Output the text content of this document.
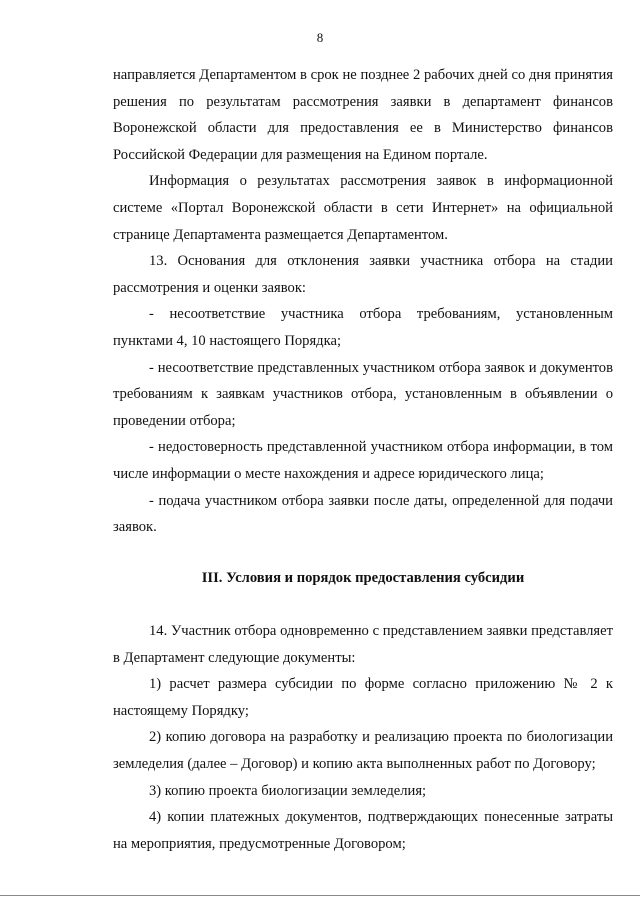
8

направляется Департаментом в срок не позднее 2 рабочих дней со дня принятия решения по результатам рассмотрения заявки в департамент финансов Воронежской области для предоставления ее в Министерство финансов Российской Федерации для размещения на Едином портале.

Информация о результатах рассмотрения заявок в информационной системе «Портал Воронежской области в сети Интернет» на официальной странице Департамента размещается Департаментом.

13. Основания для отклонения заявки участника отбора на стадии рассмотрения и оценки заявок:

- несоответствие участника отбора требованиям, установленным пунктами 4, 10 настоящего Порядка;

- несоответствие представленных участником отбора заявок и документов требованиям к заявкам участников отбора, установленным в объявлении о проведении отбора;

- недостоверность представленной участником отбора информации, в том числе информации о месте нахождения и адресе юридического лица;

- подача участником отбора заявки после даты, определенной для подачи заявок.

III. Условия и порядок предоставления субсидии

14. Участник отбора одновременно с представлением заявки представляет в Департамент следующие документы:

1) расчет размера субсидии по форме согласно приложению № 2 к настоящему Порядку;

2) копию договора на разработку и реализацию проекта по биологизации земледелия (далее – Договор) и копию акта выполненных работ по Договору;

3) копию проекта биологизации земледелия;

4) копии платежных документов, подтверждающих понесенные затраты на мероприятия, предусмотренные Договором;
